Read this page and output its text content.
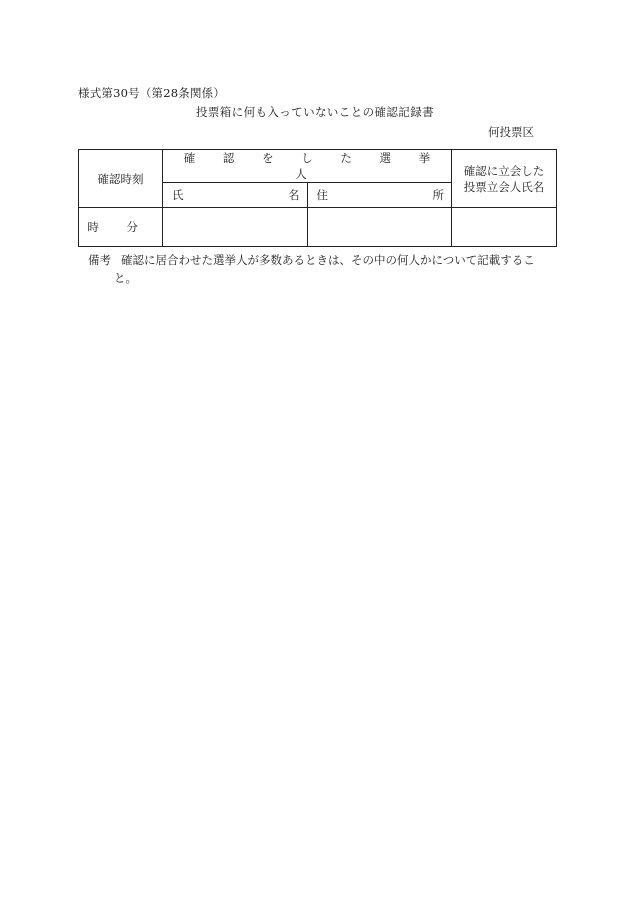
様式第30号（第28条関係）
投票箱に何も入っていないことの確認記録書
何投票区
確認時刻	確 認 を し た 選 挙 人		確認に立会した
投票立会人氏名

	氏 名	住 所	

時 分			
備考 確認に居合わせた選挙人が多数あるときは、その中の何人かについて記載するこ
と。
